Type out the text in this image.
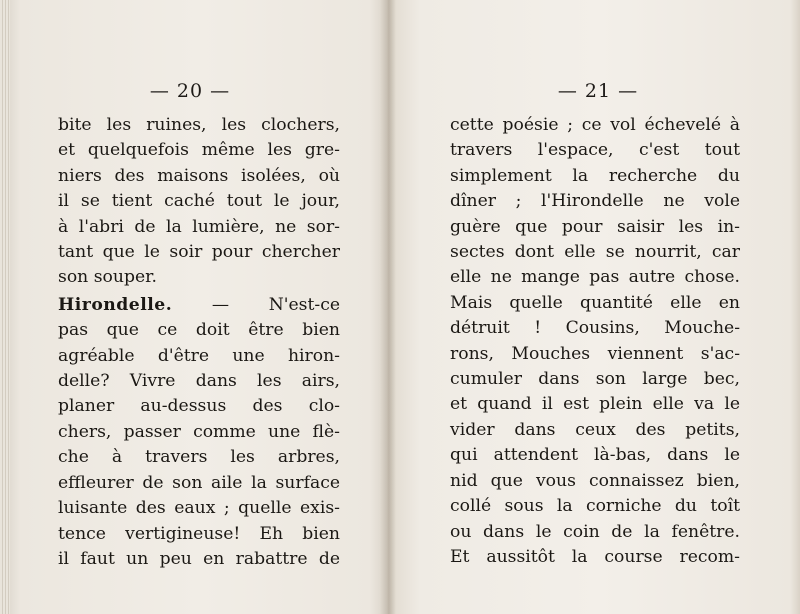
— 20 —
bite les ruines, les clochers,
et quelquefois même les gre-
niers des maisons isolées, où
il se tient caché tout le jour,
à l'abri de la lumière, ne sor-
tant que le soir pour chercher
son souper.
Hirondelle. — N'est-ce
pas que ce doit être bien
agréable d'être une hiron-
delle? Vivre dans les airs,
planer au-dessus des clo-
chers, passer comme une flè-
che à travers les arbres,
effleurer de son aile la surface
luisante des eaux ; quelle exis-
tence vertigineuse! Eh bien
il faut un peu en rabattre de
— 21 —
cette poésie ; ce vol échevelé à
travers l'espace, c'est tout
simplement la recherche du
dîner ; l'Hirondelle ne vole
guère que pour saisir les in-
sectes dont elle se nourrit, car
elle ne mange pas autre chose.
Mais quelle quantité elle en
détruit ! Cousins, Mouche-
rons, Mouches viennent s'ac-
cumuler dans son large bec,
et quand il est plein elle va le
vider dans ceux des petits,
qui attendent là-bas, dans le
nid que vous connaissez bien,
collé sous la corniche du toît
ou dans le coin de la fenêtre.
Et aussitôt la course recom-
